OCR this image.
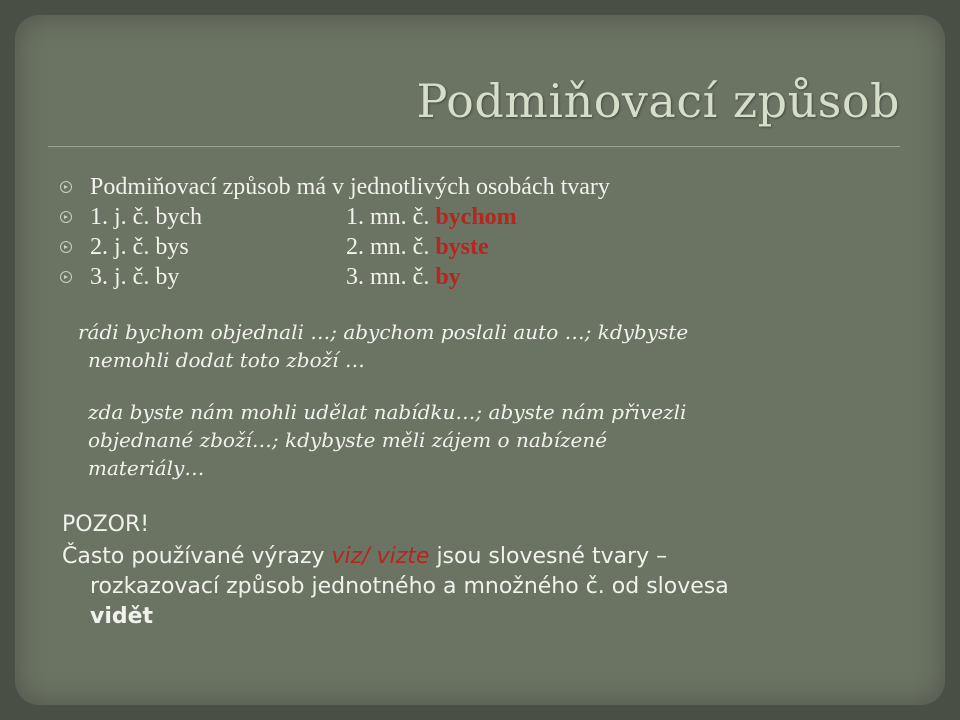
Podmiňovací způsob
Podmiňovací způsob má v jednotlivých osobách tvary
1. j. č. bych	1. mn. č. bychom
2. j. č. bys	2. mn. č. byste
3. j. č. by	3. mn. č. by

rádi bychom objednali …; abychom poslali auto …; kdybyste
nemohli dodat toto zboží …

zda byste nám mohli udělat nabídku…; abyste nám přivezli
objednané zboží…; kdybyste měli zájem o nabízené
materiály…

POZOR!

Často používané výrazy viz/ vizte jsou slovesné tvary –
rozkazovací způsob jednotného a množného č. od slovesa
vidět
